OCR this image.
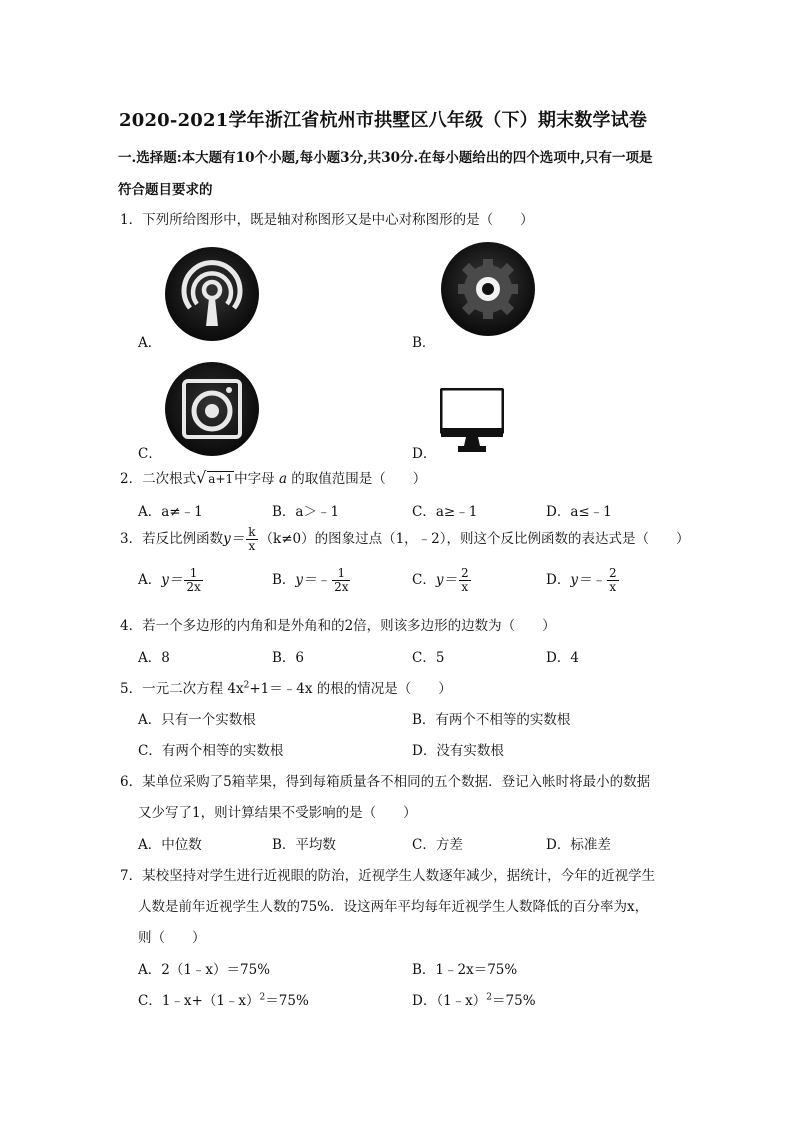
2020-2021学年浙江省杭州市拱墅区八年级（下）期末数学试卷
一.选择题:本大题有10个小题,每小题3分,共30分.在每小题给出的四个选项中,只有一项是
符合题目要求的
1．下列所给图形中，既是轴对称图形又是中心对称图形的是（　　）
A．	B．
C．	D．
2．二次根式√ a+1中字母 a 的取值范围是（　　）
A．a≠﹣1	B．a＞﹣1	C．a≥﹣1	D．a≤﹣1
3．若反比例函数$y= \frac{k}{x} (k\ne 0)$的图象过点（1，﹣2），则这个反比例函数的表达式是（　　）
A．$y= \frac{1}{2x}$	B．y＝﹣ $\frac{1}{2x}$	C．$y= \frac{2}{x}$	D．y＝﹣ $\frac{2}{x}$
4．若一个多边形的内角和是外角和的2倍，则该多边形的边数为（　　）
A．8	B．6	C．5	D．4
5．一元二次方程 $4x^2+1=﹣4x$ 的根的情况是（　　）
A．只有一个实数根	B．有两个不相等的实数根
C．有两个相等的实数根	D．没有实数根
6．某单位采购了5箱苹果，得到每箱质量各不相同的五个数据．登记入帐时将最小的数据
又少写了1，则计算结果不受影响的是（　　）
A．中位数	B．平均数	C．方差	D．标准差
7．某校坚持对学生进行近视眼的防治，近视学生人数逐年减少，据统计，今年的近视学生
人数是前年近视学生人数的75%．设这两年平均每年近视学生人数降低的百分率为x，
则（　　）
A．2（1﹣x）＝75%	B．1﹣2x＝75%
C．1﹣x+（1﹣x）$^2$＝75%	D．（1﹣x）$^2$＝75%
